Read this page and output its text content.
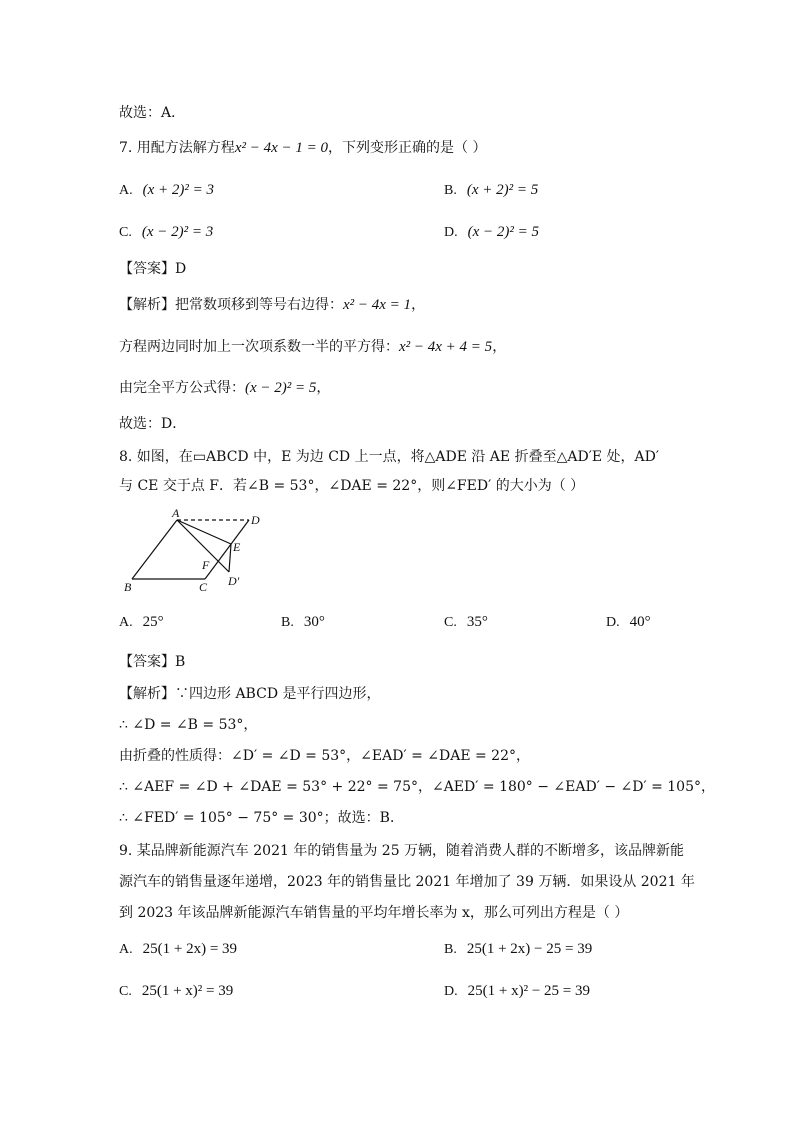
故选：A．
7. 用配方法解方程x² − 4x − 1 = 0，下列变形正确的是（ ）
A. (x + 2)² = 3	B. (x + 2)² = 5
C. (x − 2)² = 3	D. (x − 2)² = 5
【答案】D
【解析】把常数项移到等号右边得：x² − 4x = 1，
方程两边同时加上一次项系数一半的平方得：x² − 4x + 4 = 5，
由完全平方公式得：(x − 2)² = 5，
故选：D．
8. 如图，在▭ABCD 中，E 为边 CD 上一点，将△ADE 沿 AE 折叠至△AD′E 处，AD′
与 CE 交于点 F．若∠B = 53°，∠DAE = 22°，则∠FED′ 的大小为（ ）
A	D
E
F
D′
B	C
A. 25°	B. 30°	C. 35°	D. 40°
【答案】B
【解析】∵四边形 ABCD 是平行四边形，
∴ ∠D = ∠B = 53°，
由折叠的性质得：∠D′ = ∠D = 53°，∠EAD′ = ∠DAE = 22°，
∴ ∠AEF = ∠D + ∠DAE = 53° + 22° = 75°，∠AED′ = 180° − ∠EAD′ − ∠D′ = 105°，
∴ ∠FED′ = 105° − 75° = 30°；故选：B．
9. 某品牌新能源汽车 2021 年的销售量为 25 万辆，随着消费人群的不断增多，该品牌新能
源汽车的销售量逐年递增，2023 年的销售量比 2021 年增加了 39 万辆．如果设从 2021 年
到 2023 年该品牌新能源汽车销售量的平均年增长率为 x，那么可列出方程是（ ）
A. 25(1 + 2x) = 39	B. 25(1 + 2x) − 25 = 39
C. 25(1 + x)² = 39	D. 25(1 + x)² − 25 = 39
